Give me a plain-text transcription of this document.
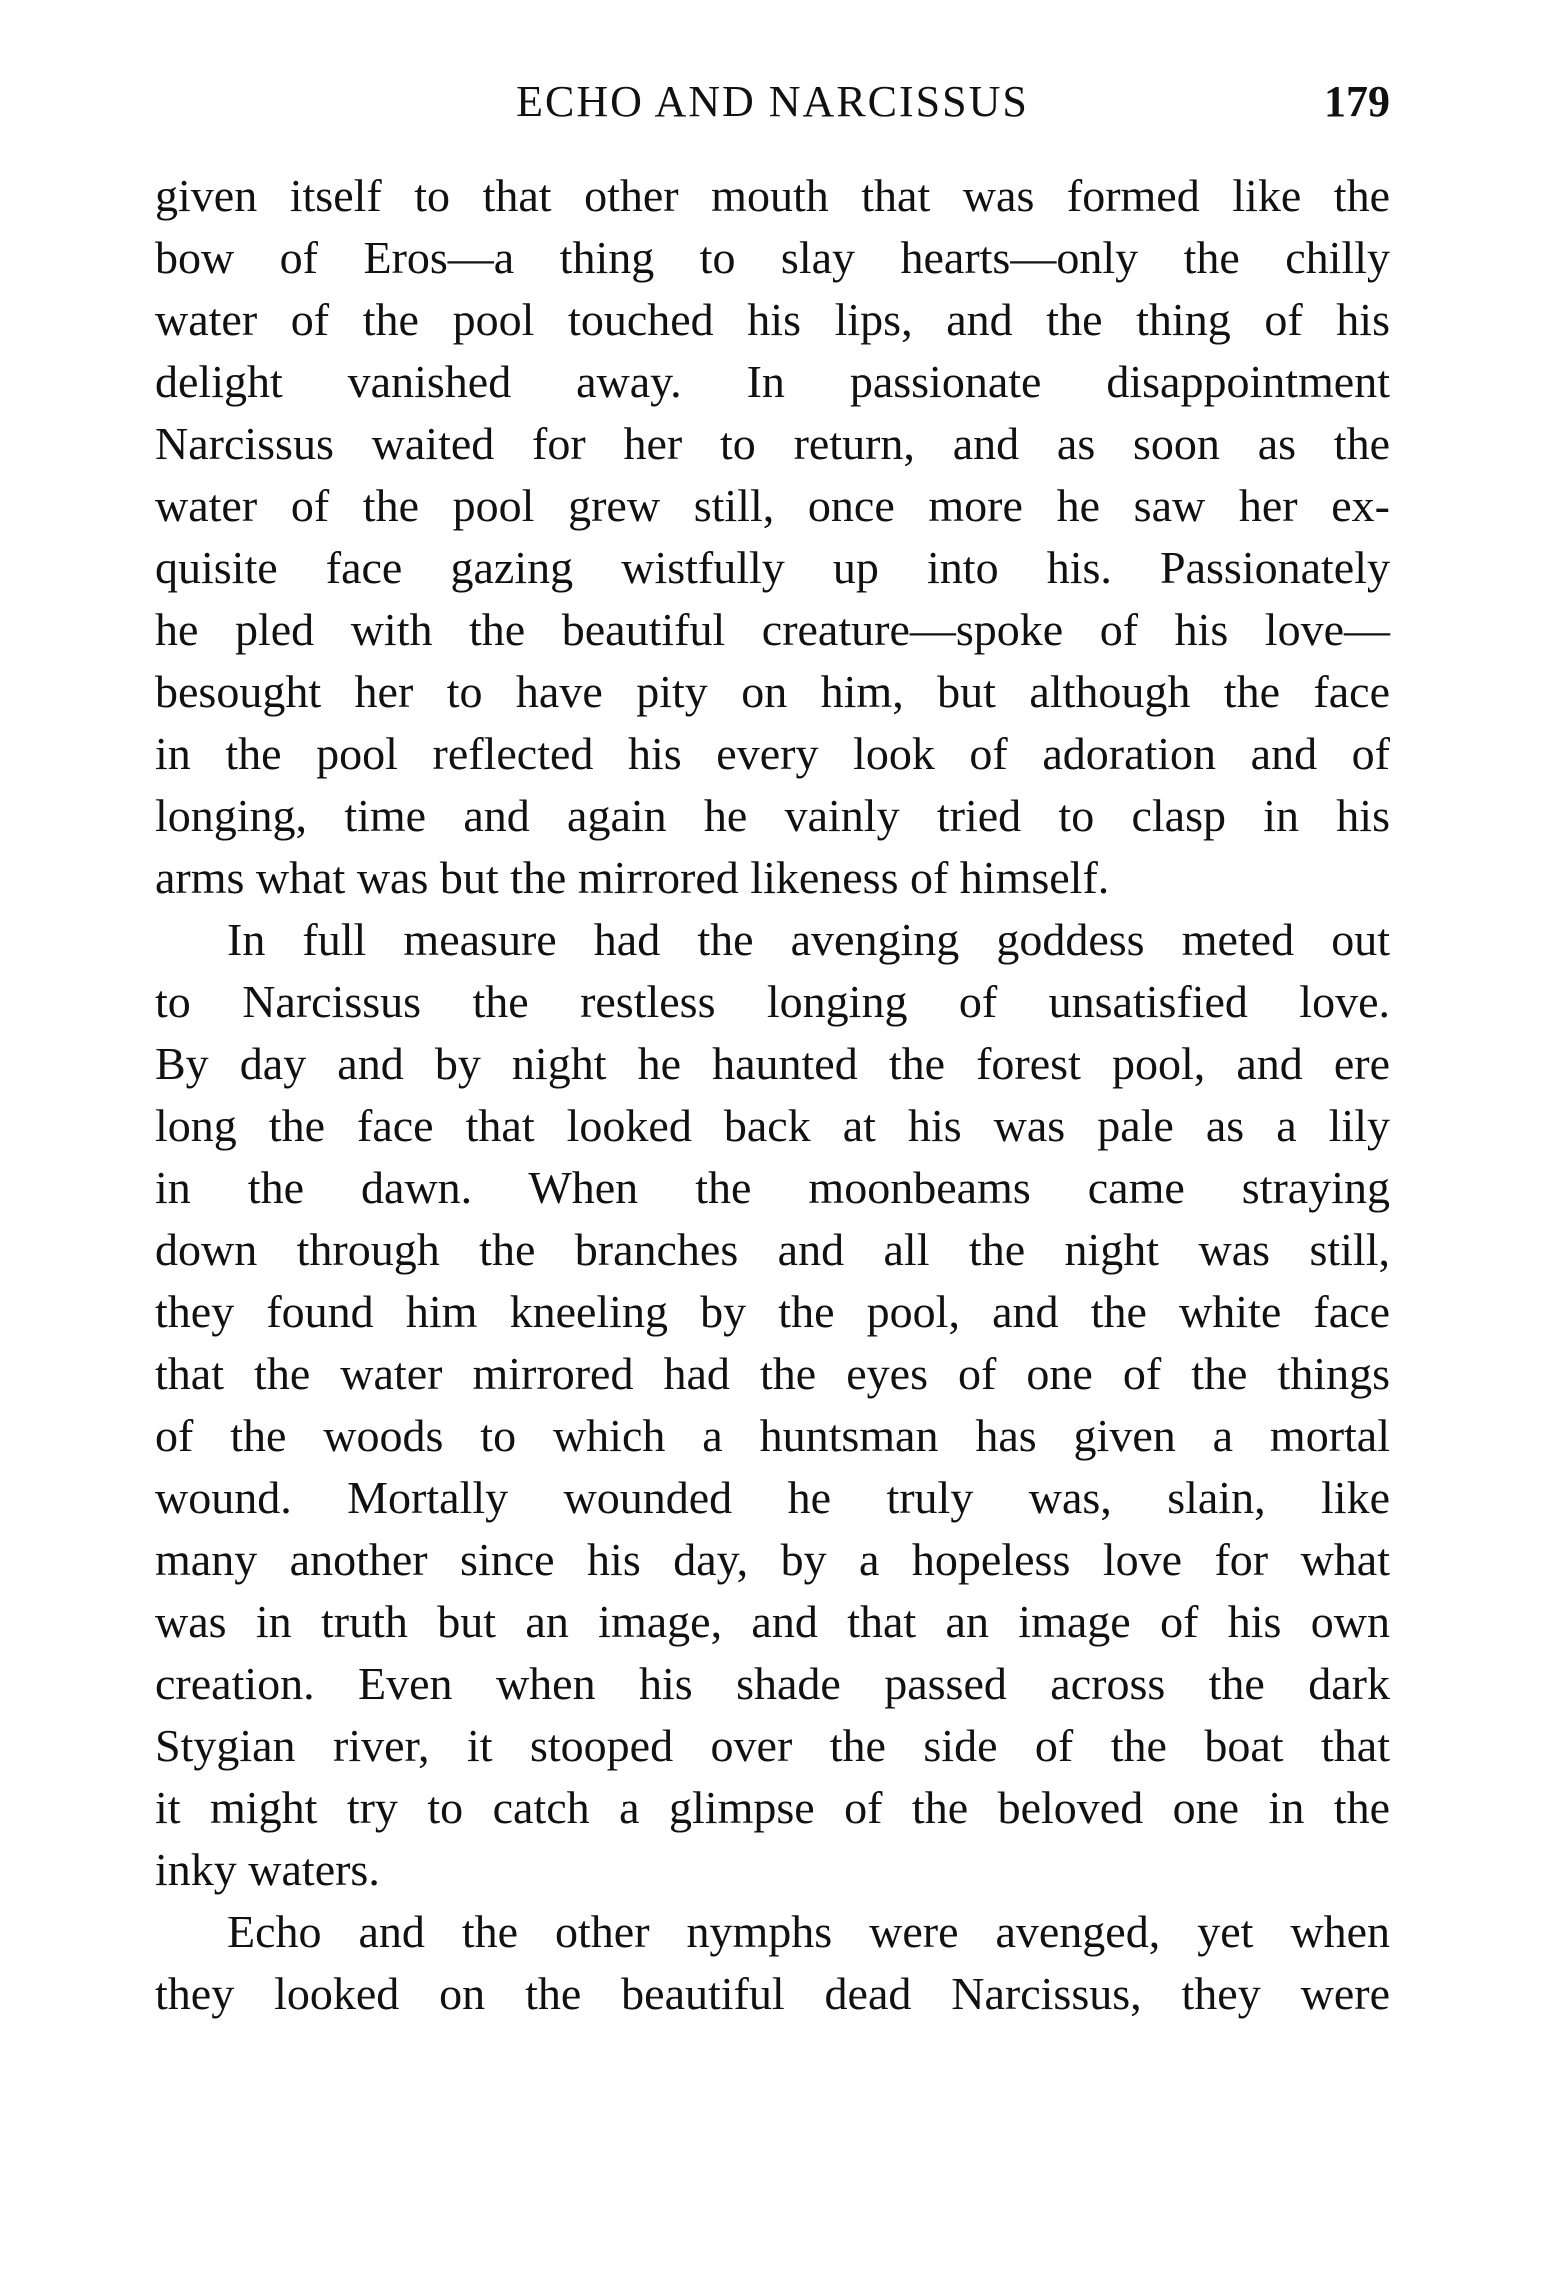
ECHO AND NARCISSUS	179
given itself to that other mouth that was formed like the
bow of Eros—a thing to slay hearts—only the chilly
water of the pool touched his lips, and the thing of his
delight vanished away. In passionate disappointment
Narcissus waited for her to return, and as soon as the
water of the pool grew still, once more he saw her ex-
quisite face gazing wistfully up into his. Passionately
he pled with the beautiful creature—spoke of his love—
besought her to have pity on him, but although the face
in the pool reflected his every look of adoration and of
longing, time and again he vainly tried to clasp in his
arms what was but the mirrored likeness of himself.
In full measure had the avenging goddess meted out
to Narcissus the restless longing of unsatisfied love.
By day and by night he haunted the forest pool, and ere
long the face that looked back at his was pale as a lily
in the dawn. When the moonbeams came straying
down through the branches and all the night was still,
they found him kneeling by the pool, and the white face
that the water mirrored had the eyes of one of the things
of the woods to which a huntsman has given a mortal
wound. Mortally wounded he truly was, slain, like
many another since his day, by a hopeless love for what
was in truth but an image, and that an image of his own
creation. Even when his shade passed across the dark
Stygian river, it stooped over the side of the boat that
it might try to catch a glimpse of the beloved one in the
inky waters.
Echo and the other nymphs were avenged, yet when
they looked on the beautiful dead Narcissus, they were
